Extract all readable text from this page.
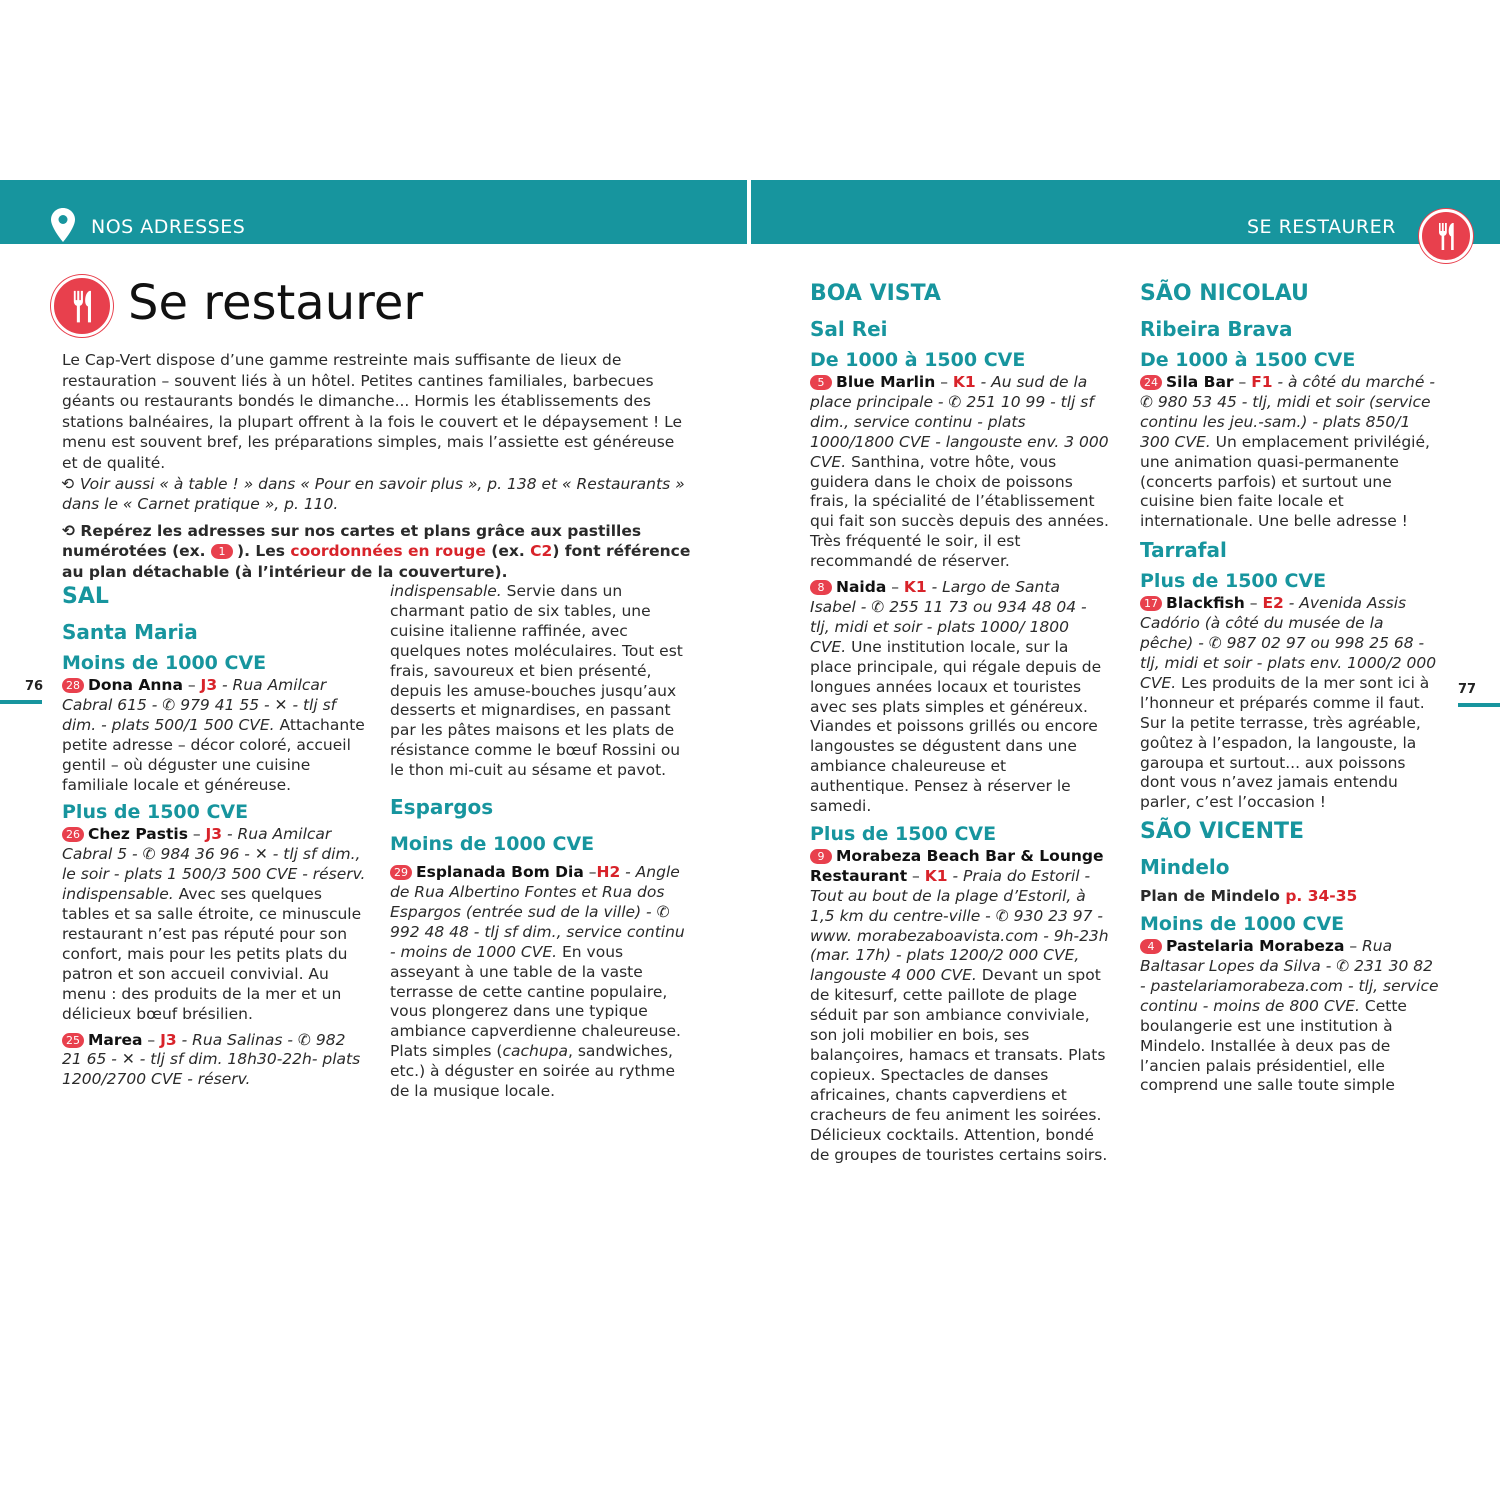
NOS ADRESSES	SE RESTAURER
Se restaurer
76	77

Le Cap-Vert dispose d’une gamme restreinte mais suffisante de lieux de restauration – souvent liés à un hôtel. Petites cantines familiales, barbecues géants ou restaurants bondés le dimanche... Hormis les établissements des stations balnéaires, la plupart offrent à la fois le couvert et le dépaysement ! Le menu est souvent bref, les préparations simples, mais l’assiette est généreuse et de qualité.
⟲ Voir aussi « à table ! » dans « Pour en savoir plus », p. 138 et « Restaurants » dans le « Carnet pratique », p. 110.

⟲ Repérez les adresses sur nos cartes et plans grâce aux pastilles numérotées (ex. 1 ). Les coordonnées en rouge (ex. C2) font référence au plan détachable (à l’intérieur de la couverture).

SAL
Santa Maria
Moins de 1000 CVE
28 Dona Anna – J3 - Rua Amilcar Cabral 615 - ✆ 979 41 55 - ✕ - tlj sf dim. - plats 500/1 500 CVE. Attachante petite adresse – décor coloré, accueil gentil – où déguster une cuisine familiale locale et généreuse.
Plus de 1500 CVE
26 Chez Pastis – J3 - Rua Amilcar Cabral 5 - ✆ 984 36 96 - ✕ - tlj sf dim., le soir - plats 1 500/3 500 CVE - réserv. indispensable. Avec ses quelques tables et sa salle étroite, ce minuscule restaurant n’est pas réputé pour son confort, mais pour les petits plats du patron et son accueil convivial. Au menu : des produits de la mer et un délicieux bœuf brésilien.
25 Marea – J3 - Rua Salinas - ✆ 982 21 65 - ✕ - tlj sf dim. 18h30-22h- plats 1200/2700 CVE - réserv.
indispensable. Servie dans un charmant patio de six tables, une cuisine italienne raffinée, avec quelques notes moléculaires. Tout est frais, savoureux et bien présenté, depuis les amuse-bouches jusqu’aux desserts et mignardises, en passant par les pâtes maisons et les plats de résistance comme le bœuf Rossini ou le thon mi-cuit au sésame et pavot.
Espargos
Moins de 1000 CVE
29 Esplanada Bom Dia –H2 - Angle de Rua Albertino Fontes et Rua dos Espargos (entrée sud de la ville) - ✆ 992 48 48 - tlj sf dim., service continu - moins de 1000 CVE. En vous asseyant à une table de la vaste terrasse de cette cantine populaire, vous plongerez dans une typique ambiance capverdienne chaleureuse. Plats simples (cachupa, sandwiches, etc.) à déguster en soirée au rythme de la musique locale.
BOA VISTA
Sal Rei
De 1000 à 1500 CVE
5 Blue Marlin – K1 - Au sud de la place principale - ✆ 251 10 99 - tlj sf dim., service continu - plats 1000/1800 CVE - langouste env. 3 000 CVE. Santhina, votre hôte, vous guidera dans le choix de poissons frais, la spécialité de l’établissement qui fait son succès depuis des années. Très fréquenté le soir, il est recommandé de réserver.
8 Naida – K1 - Largo de Santa Isabel - ✆ 255 11 73 ou 934 48 04 - tlj, midi et soir - plats 1000/ 1800 CVE. Une institution locale, sur la place principale, qui régale depuis de longues années locaux et touristes avec ses plats simples et généreux. Viandes et poissons grillés ou encore langoustes se dégustent dans une ambiance chaleureuse et authentique. Pensez à réserver le samedi.
Plus de 1500 CVE
9 Morabeza Beach Bar & Lounge Restaurant – K1 - Praia do Estoril - Tout au bout de la plage d’Estoril, à 1,5 km du centre-ville - ✆ 930 23 97 - www. morabezaboavista.com - 9h-23h (mar. 17h) - plats 1200/2 000 CVE, langouste 4 000 CVE. Devant un spot de kitesurf, cette paillote de plage séduit par son ambiance conviviale, son joli mobilier en bois, ses balançoires, hamacs et transats. Plats copieux. Spectacles de danses africaines, chants capverdiens et cracheurs de feu animent les soirées. Délicieux cocktails. Attention, bondé de groupes de touristes certains soirs.
SÃO NICOLAU
Ribeira Brava
De 1000 à 1500 CVE
24 Sila Bar – F1 - à côté du marché - ✆ 980 53 45 - tlj, midi et soir (service continu les jeu.-sam.) - plats 850/1 300 CVE. Un emplacement privilégié, une animation quasi-permanente (concerts parfois) et surtout une cuisine bien faite locale et internationale. Une belle adresse !
Tarrafal
Plus de 1500 CVE
17 Blackfish – E2 - Avenida Assis Cadório (à côté du musée de la pêche) - ✆ 987 02 97 ou 998 25 68 - tlj, midi et soir - plats env. 1000/2 000 CVE. Les produits de la mer sont ici à l’honneur et préparés comme il faut. Sur la petite terrasse, très agréable, goûtez à l’espadon, la langouste, la garoupa et surtout... aux poissons dont vous n’avez jamais entendu parler, c’est l’occasion !
SÃO VICENTE
Mindelo
Plan de Mindelo p. 34-35
Moins de 1000 CVE
4 Pastelaria Morabeza – Rua Baltasar Lopes da Silva - ✆ 231 30 82 - pastelariamorabeza.com - tlj, service continu - moins de 800 CVE. Cette boulangerie est une institution à Mindelo. Installée à deux pas de l’ancien palais présidentiel, elle comprend une salle toute simple
